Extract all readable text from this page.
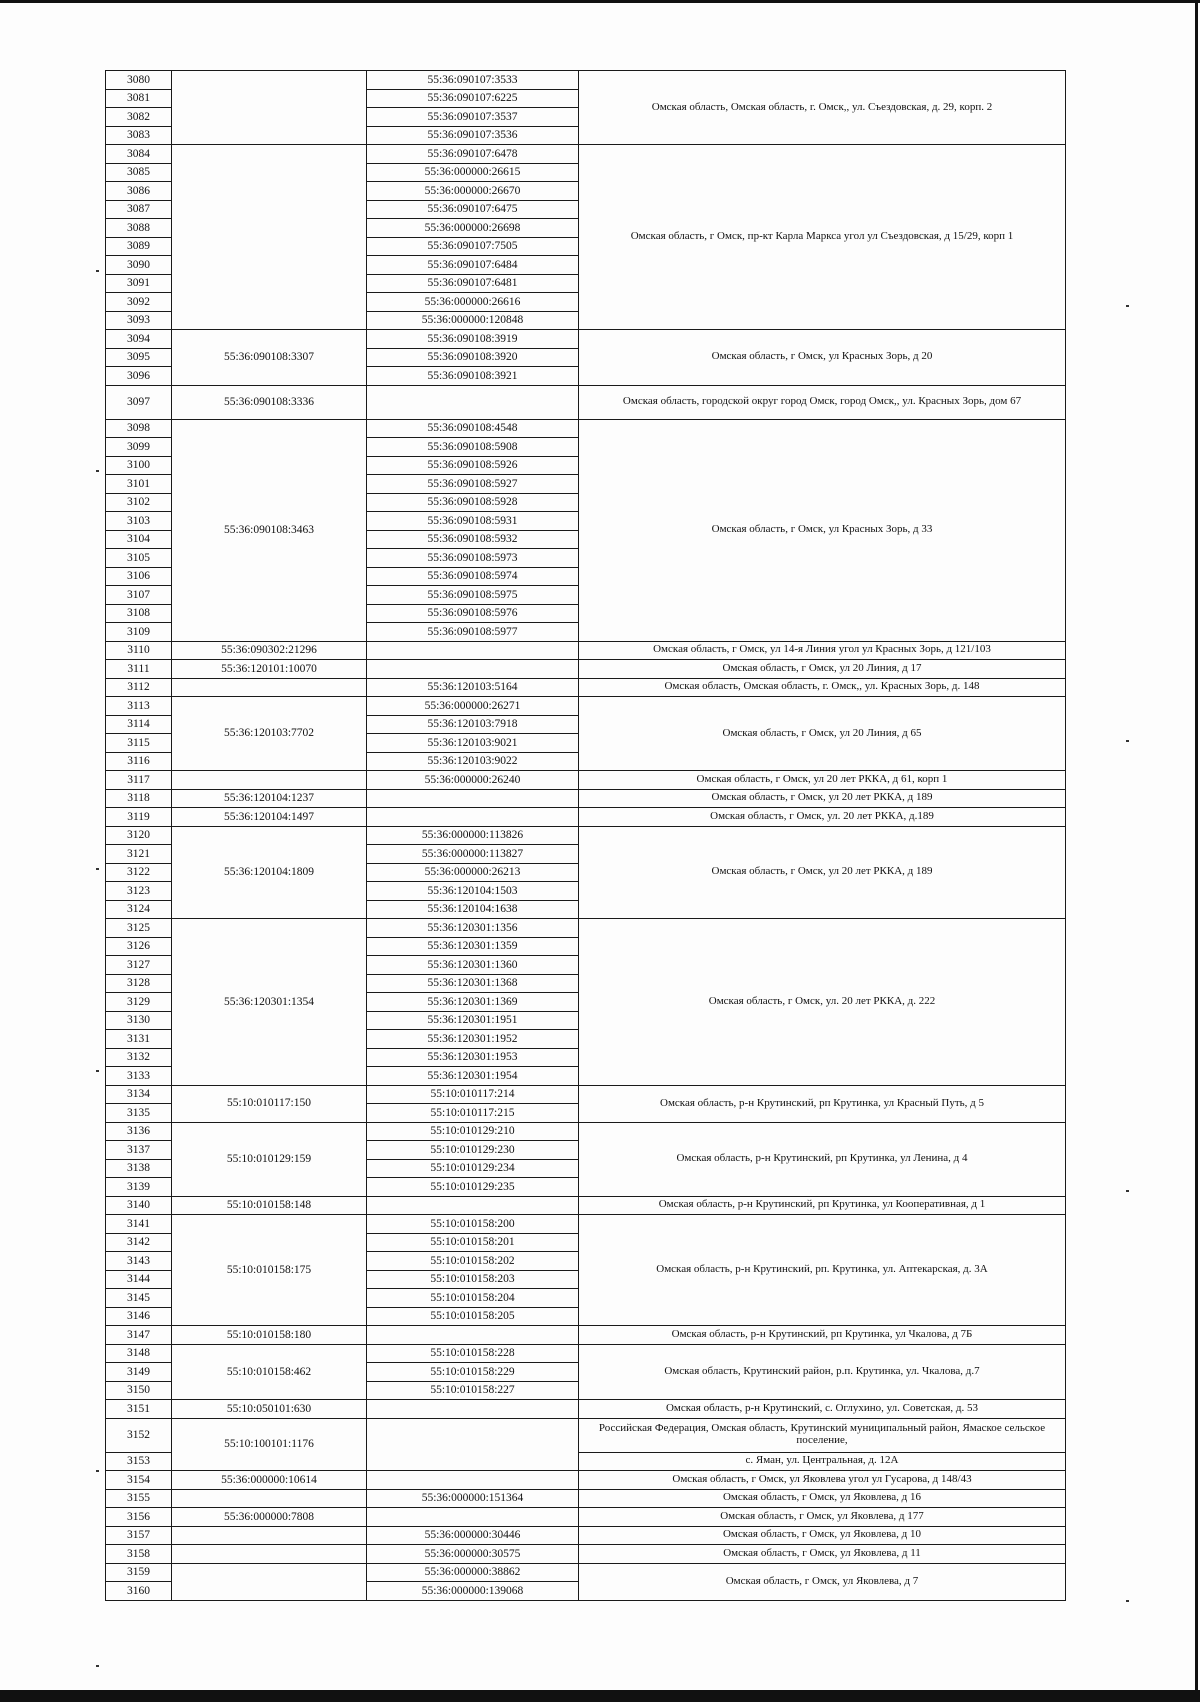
3080		55:36:090107:3533	Омская область, Омская область, г. Омск,, ул. Съездовская, д. 29, корп. 2
3081		55:36:090107:6225	
3082		55:36:090107:3537	
3083		55:36:090107:3536	
3084		55:36:090107:6478	Омская область, г Омск, пр-кт Карла Маркса угол ул Съездовская, д 15/29, корп 1
3085		55:36:000000:26615	
3086		55:36:000000:26670	
3087		55:36:090107:6475	
3088		55:36:000000:26698	
3089		55:36:090107:7505	
3090		55:36:090107:6484	
3091		55:36:090107:6481	
3092		55:36:000000:26616	
3093		55:36:000000:120848	
3094	55:36:090108:3307	55:36:090108:3919	Омская область, г Омск, ул Красных Зорь, д 20
3095		55:36:090108:3920	
3096		55:36:090108:3921	
3097	55:36:090108:3336		Омская область, городской округ город Омск, город Омск,, ул. Красных Зорь, дом 67
3098	55:36:090108:3463	55:36:090108:4548	Омская область, г Омск, ул Красных Зорь, д 33
3099		55:36:090108:5908	
3100		55:36:090108:5926	
3101		55:36:090108:5927	
3102		55:36:090108:5928	
3103		55:36:090108:5931	
3104		55:36:090108:5932	
3105		55:36:090108:5973	
3106		55:36:090108:5974	
3107		55:36:090108:5975	
3108		55:36:090108:5976	
3109		55:36:090108:5977	
3110	55:36:090302:21296		Омская область, г Омск, ул 14-я Линия угол ул Красных Зорь, д 121/103
3111	55:36:120101:10070		Омская область, г Омск, ул 20 Линия, д 17
3112		55:36:120103:5164	Омская область, Омская область, г. Омск,, ул. Красных Зорь, д. 148
3113	55:36:120103:7702	55:36:000000:26271	Омская область, г Омск, ул 20 Линия, д 65
3114		55:36:120103:7918	
3115		55:36:120103:9021	
3116		55:36:120103:9022	
3117		55:36:000000:26240	Омская область, г Омск, ул 20 лет РККА, д 61, корп 1
3118	55:36:120104:1237		Омская область, г Омск, ул 20 лет РККА, д 189
3119	55:36:120104:1497		Омская область, г Омск, ул. 20 лет РККА, д.189
3120	55:36:120104:1809	55:36:000000:113826	Омская область, г Омск, ул 20 лет РККА, д 189
3121		55:36:000000:113827	
3122		55:36:000000:26213	
3123		55:36:120104:1503	
3124		55:36:120104:1638	
3125	55:36:120301:1354	55:36:120301:1356	Омская область, г Омск, ул. 20 лет РККА, д. 222
3126		55:36:120301:1359	
3127		55:36:120301:1360	
3128		55:36:120301:1368	
3129		55:36:120301:1369	
3130		55:36:120301:1951	
3131		55:36:120301:1952	
3132		55:36:120301:1953	
3133		55:36:120301:1954	
3134	55:10:010117:150	55:10:010117:214	Омская область, р-н Крутинский, рп Крутинка, ул Красный Путь, д 5
3135		55:10:010117:215	
3136	55:10:010129:159	55:10:010129:210	Омская область, р-н Крутинский, рп Крутинка, ул Ленина, д 4
3137		55:10:010129:230	
3138		55:10:010129:234	
3139		55:10:010129:235	
3140	55:10:010158:148		Омская область, р-н Крутинский, рп Крутинка, ул Кооперативная, д 1
3141	55:10:010158:175	55:10:010158:200	Омская область, р-н Крутинский, рп. Крутинка, ул. Аптекарская, д. 3А
3142		55:10:010158:201	
3143		55:10:010158:202	
3144		55:10:010158:203	
3145		55:10:010158:204	
3146		55:10:010158:205	
3147	55:10:010158:180		Омская область, р-н Крутинский, рп Крутинка, ул Чкалова, д 7Б
3148	55:10:010158:462	55:10:010158:228	Омская область, Крутинский район, р.п. Крутинка, ул. Чкалова, д.7
3149		55:10:010158:229	
3150		55:10:010158:227	
3151	55:10:050101:630		Омская область, р-н Крутинский, с. Оглухино, ул. Советская, д. 53
3152	55:10:100101:1176		Российская Федерация, Омская область, Крутинский муниципальный район, Ямаское сельское поселение,
3153			с. Яман, ул. Центральная, д. 12А
3154	55:36:000000:10614		Омская область, г Омск, ул Яковлева угол ул Гусарова, д 148/43
3155		55:36:000000:151364	Омская область, г Омск, ул Яковлева, д 16
3156	55:36:000000:7808		Омская область, г Омск, ул Яковлева, д 177
3157		55:36:000000:30446	Омская область, г Омск, ул Яковлева, д 10
3158		55:36:000000:30575	Омская область, г Омск, ул Яковлева, д 11
3159		55:36:000000:38862	Омская область, г Омск, ул Яковлева, д 7
3160		55:36:000000:139068	
